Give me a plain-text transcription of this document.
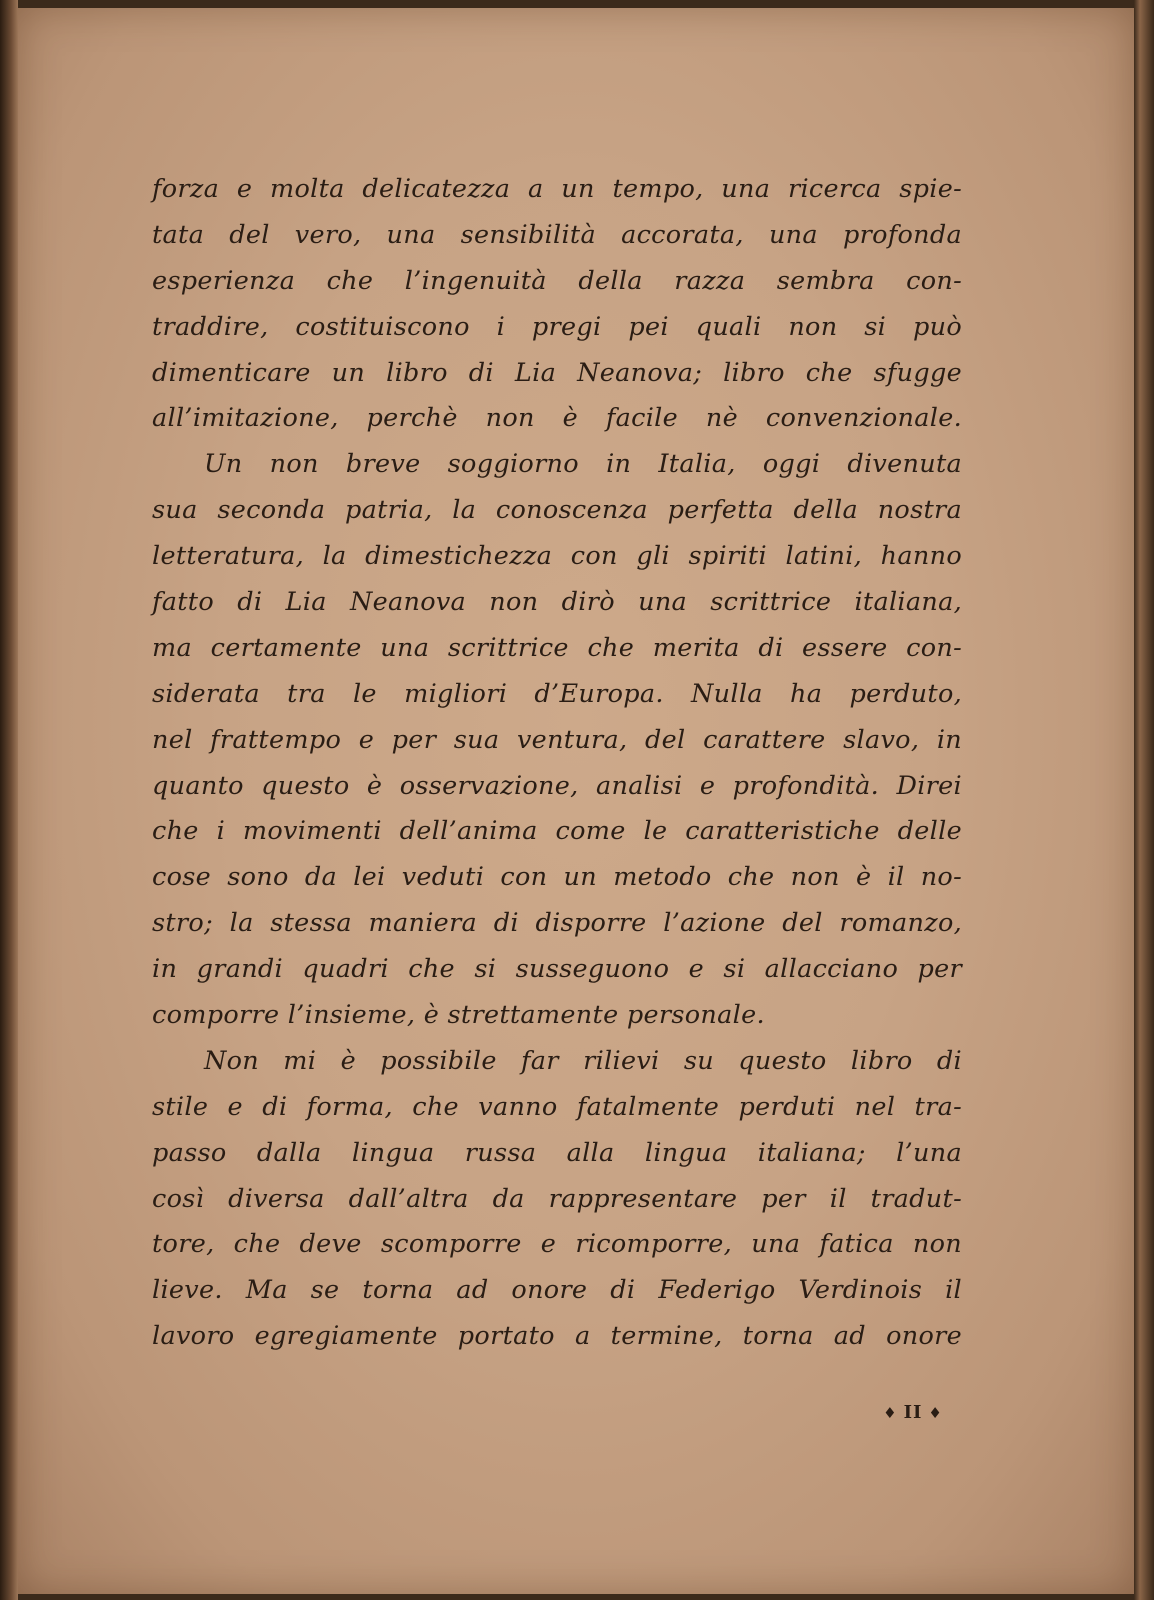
forza e molta delicatezza a un tempo, una ricerca spie-
tata del vero, una sensibilità accorata, una profonda
esperienza che l’ingenuità della razza sembra con-
traddire, costituiscono i pregi pei quali non si può
dimenticare un libro di Lia Neanova; libro che sfugge
all’imitazione, perchè non è facile nè convenzionale.
Un non breve soggiorno in Italia, oggi divenuta
sua seconda patria, la conoscenza perfetta della nostra
letteratura, la dimestichezza con gli spiriti latini, hanno
fatto di Lia Neanova non dirò una scrittrice italiana,
ma certamente una scrittrice che merita di essere con-
siderata tra le migliori d’Europa. Nulla ha perduto,
nel frattempo e per sua ventura, del carattere slavo, in
quanto questo è osservazione, analisi e profondità. Direi
che i movimenti dell’anima come le caratteristiche delle
cose sono da lei veduti con un metodo che non è il no-
stro; la stessa maniera di disporre l’azione del romanzo,
in grandi quadri che si susseguono e si allacciano per
comporre l’insieme, è strettamente personale.
Non mi è possibile far rilievi su questo libro di
stile e di forma, che vanno fatalmente perduti nel tra-
passo dalla lingua russa alla lingua italiana; l’una
così diversa dall’altra da rappresentare per il tradut-
tore, che deve scomporre e ricomporre, una fatica non
lieve. Ma se torna ad onore di Federigo Verdinois il
lavoro egregiamente portato a termine, torna ad onore
♦ II ♦
